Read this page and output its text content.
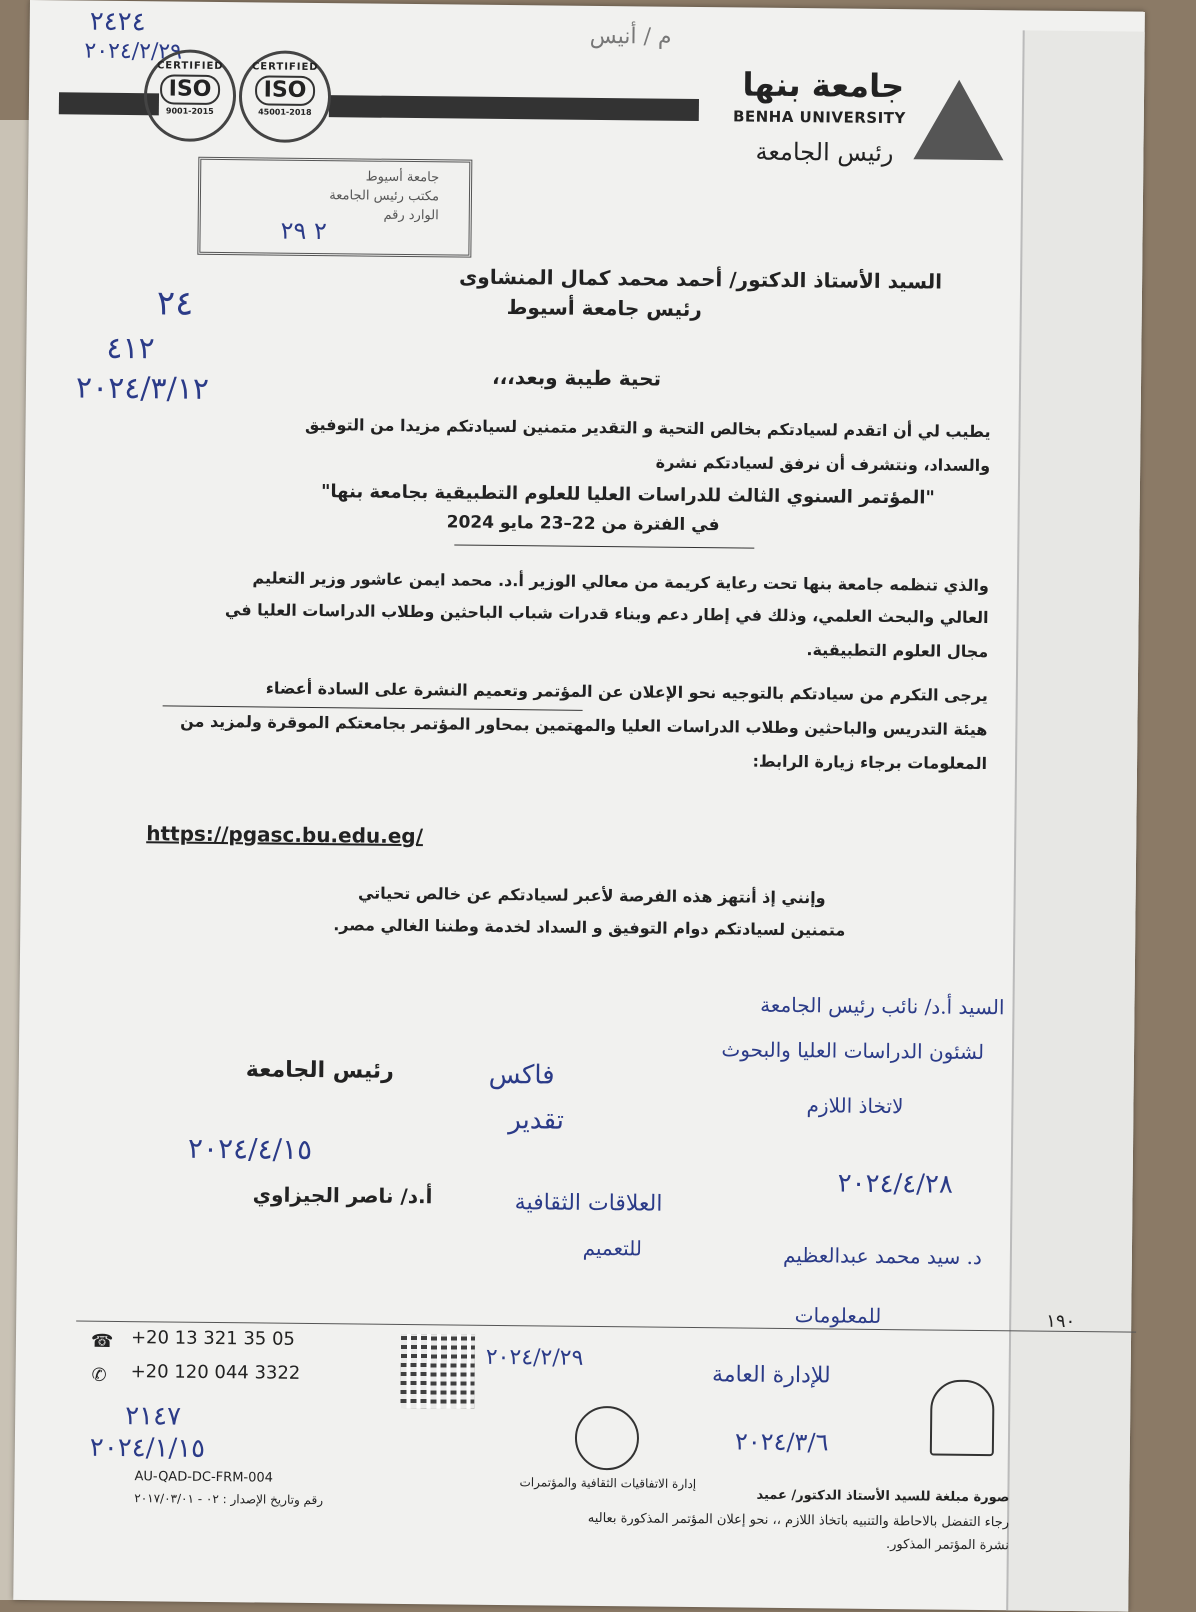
٢٤٢٤
٢٠٢٤/٢/٢٩
م / أنيس
CERTIFIED
ISO
9001-2015
CERTIFIED
ISO
45001-2018
جامعة بنها
BENHA UNIVERSITY
رئيس الجامعة
جامعة أسيوط
مكتب رئيس الجامعة
الوارد رقم
٢ ٢٩
السيد الأستاذ الدكتور/ أحمد محمد كمال المنشاوى
رئيس جامعة أسيوط
٢٤
٤١٢
٢٠٢٤/٣/١٢	تحية طيبة وبعد،،،
يطيب لي أن اتقدم لسيادتكم بخالص التحية و التقدير متمنين لسيادتكم مزيدا من التوفيق
والسداد، ونتشرف أن نرفق لسيادتكم نشرة
"المؤتمر السنوي الثالث للدراسات العليا للعلوم التطبيقية بجامعة بنها"
في الفترة من 22–23 مايو 2024
والذي تنظمه جامعة بنها تحت رعاية كريمة من معالي الوزير أ.د. محمد ايمن عاشور وزير التعليم
العالي والبحث العلمي، وذلك في إطار دعم وبناء قدرات شباب الباحثين وطلاب الدراسات العليا في
مجال العلوم التطبيقية.
يرجى التكرم من سيادتكم بالتوجيه نحو الإعلان عن المؤتمر وتعميم النشرة على السادة أعضاء
هيئة التدريس والباحثين وطلاب الدراسات العليا والمهتمين بمحاور المؤتمر بجامعتكم الموقرة ولمزيد من
المعلومات برجاء زيارة الرابط:
https://pgasc.bu.edu.eg/
وإنني إذ أنتهز هذه الفرصة لأعبر لسيادتكم عن خالص تحياتي
متمنين لسيادتكم دوام التوفيق و السداد لخدمة وطننا الغالي مصر.
رئيس الجامعة
أ.د/ ناصر الجيزاوي
٢٠٢٤/٤/١٥
السيد أ.د/ نائب رئيس الجامعة
لشئون الدراسات العليا والبحوث
لاتخاذ اللازم
فاكس
تقدير
٢٠٢٤/٤/٢٨
د. سيد محمد عبدالعظيم
للمعلومات
العلاقات الثقافية
للتعميم
☎ +20 13 321 35 05
✆ +20 120 044 3322
٢٠٢٤/٢/٢٩
للإدارة العامة
٢٠٢٤/٣/٦
٢١٤٧
٢٠٢٤/١/١٥
١٩٠
AU-QAD-DC-FRM-004
رقم وتاريخ الإصدار : ٠٢ - ٢٠١٧/٠٣/٠١
إدارة الاتفاقيات الثقافية والمؤتمرات
صورة مبلغة للسيد الأستاذ الدكتور/ عميد
رجاء التفضل بالاحاطة والتنبيه باتخاذ اللازم ،، نحو إعلان المؤتمر المذكورة بعاليه
نشرة المؤتمر المذكور.
